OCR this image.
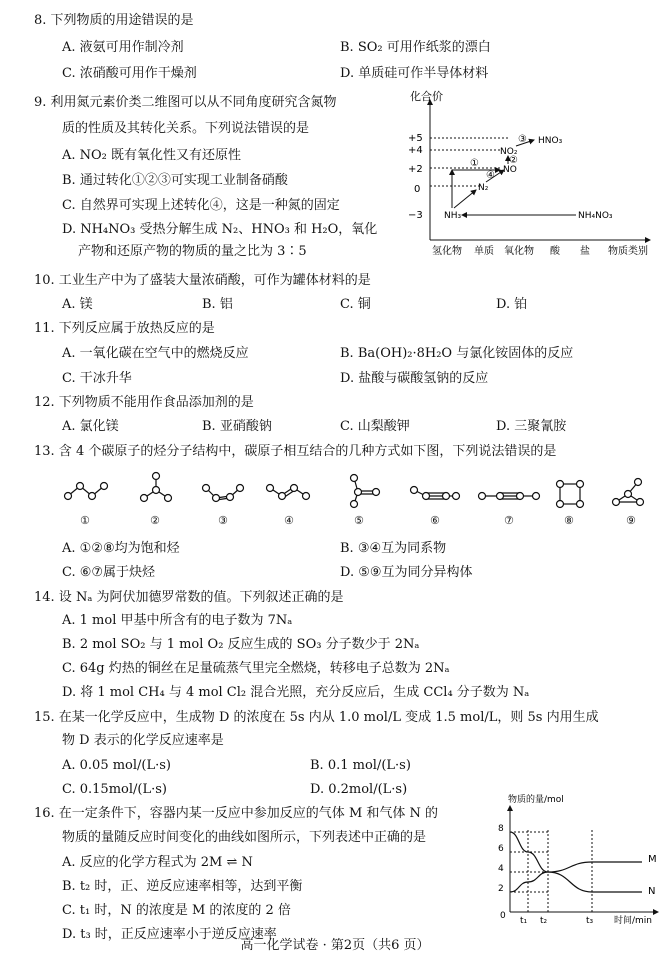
8. 下列物质的用途错误的是
A. 液氨可用作制冷剂	B. SO₂ 可用作纸浆的漂白
C. 浓硝酸可用作干燥剂	D. 单质硅可作半导体材料
9. 利用氮元素价类二维图可以从不同角度研究含氮物
质的性质及其转化关系。下列说法错误的是
A. NO₂ 既有氧化性又有还原性
B. 通过转化①②③可实现工业制备硝酸
C. 自然界可实现上述转化④，这是一种氮的固定
D. NH₄NO₃ 受热分解生成 N₂、HNO₃ 和 H₂O，氧化
产物和还原产物的物质的量之比为 3∶5
化合价
+5
+4
+2
0
−3 NH₃
N₂
NO
NO₂
HNO₃
NH₄NO₃
①	②
③
④
氢化物 单质 氧化物 酸 盐 物质类别
10. 工业生产中为了盛装大量浓硝酸，可作为罐体材料的是
A. 镁	B. 铝	C. 铜	D. 铂
11. 下列反应属于放热反应的是
A. 一氧化碳在空气中的燃烧反应	B. Ba(OH)₂·8H₂O 与氯化铵固体的反应
C. 干冰升华	D. 盐酸与碳酸氢钠的反应
12. 下列物质不能用作食品添加剂的是
A. 氯化镁	B. 亚硝酸钠	C. 山梨酸钾	D. 三聚氰胺
13. 含 4 个碳原子的烃分子结构中，碳原子相互结合的几种方式如下图，下列说法错误的是
①	②	③	④	⑤	⑥	⑦	⑧	⑨
A. ①②⑧均为饱和烃	B. ③④互为同系物
C. ⑥⑦属于炔烃	D. ⑤⑨互为同分异构体
14. 设 Nₐ 为阿伏加德罗常数的值。下列叙述正确的是
A. 1 mol 甲基中所含有的电子数为 7Nₐ
B. 2 mol SO₂ 与 1 mol O₂ 反应生成的 SO₃ 分子数少于 2Nₐ
C. 64g 灼热的铜丝在足量硫蒸气里完全燃烧，转移电子总数为 2Nₐ
D. 将 1 mol CH₄ 与 4 mol Cl₂ 混合光照，充分反应后，生成 CCl₄ 分子数为 Nₐ
15. 在某一化学反应中，生成物 D 的浓度在 5s 内从 1.0 mol/L 变成 1.5 mol/L，则 5s 内用生成
物 D 表示的化学反应速率是
A. 0.05 mol/(L·s)	B. 0.1 mol/(L·s)
C. 0.15mol/(L·s)	D. 0.2mol/(L·s)
16. 在一定条件下，容器内某一反应中参加反应的气体 M 和气体 N 的
物质的量随反应时间变化的曲线如图所示，下列表述中正确的是
A. 反应的化学方程式为 2M ⇌ N
B. t₂ 时，正、逆反应速率相等，达到平衡
C. t₁ 时，N 的浓度是 M 的浓度的 2 倍
D. t₃ 时，正反应速率小于逆反应速率
物质的量/mol
8
6
4
2
0 t₁ t₂	t₃ 时间/min
M
N
高一化学试卷 · 第2页（共6 页）
